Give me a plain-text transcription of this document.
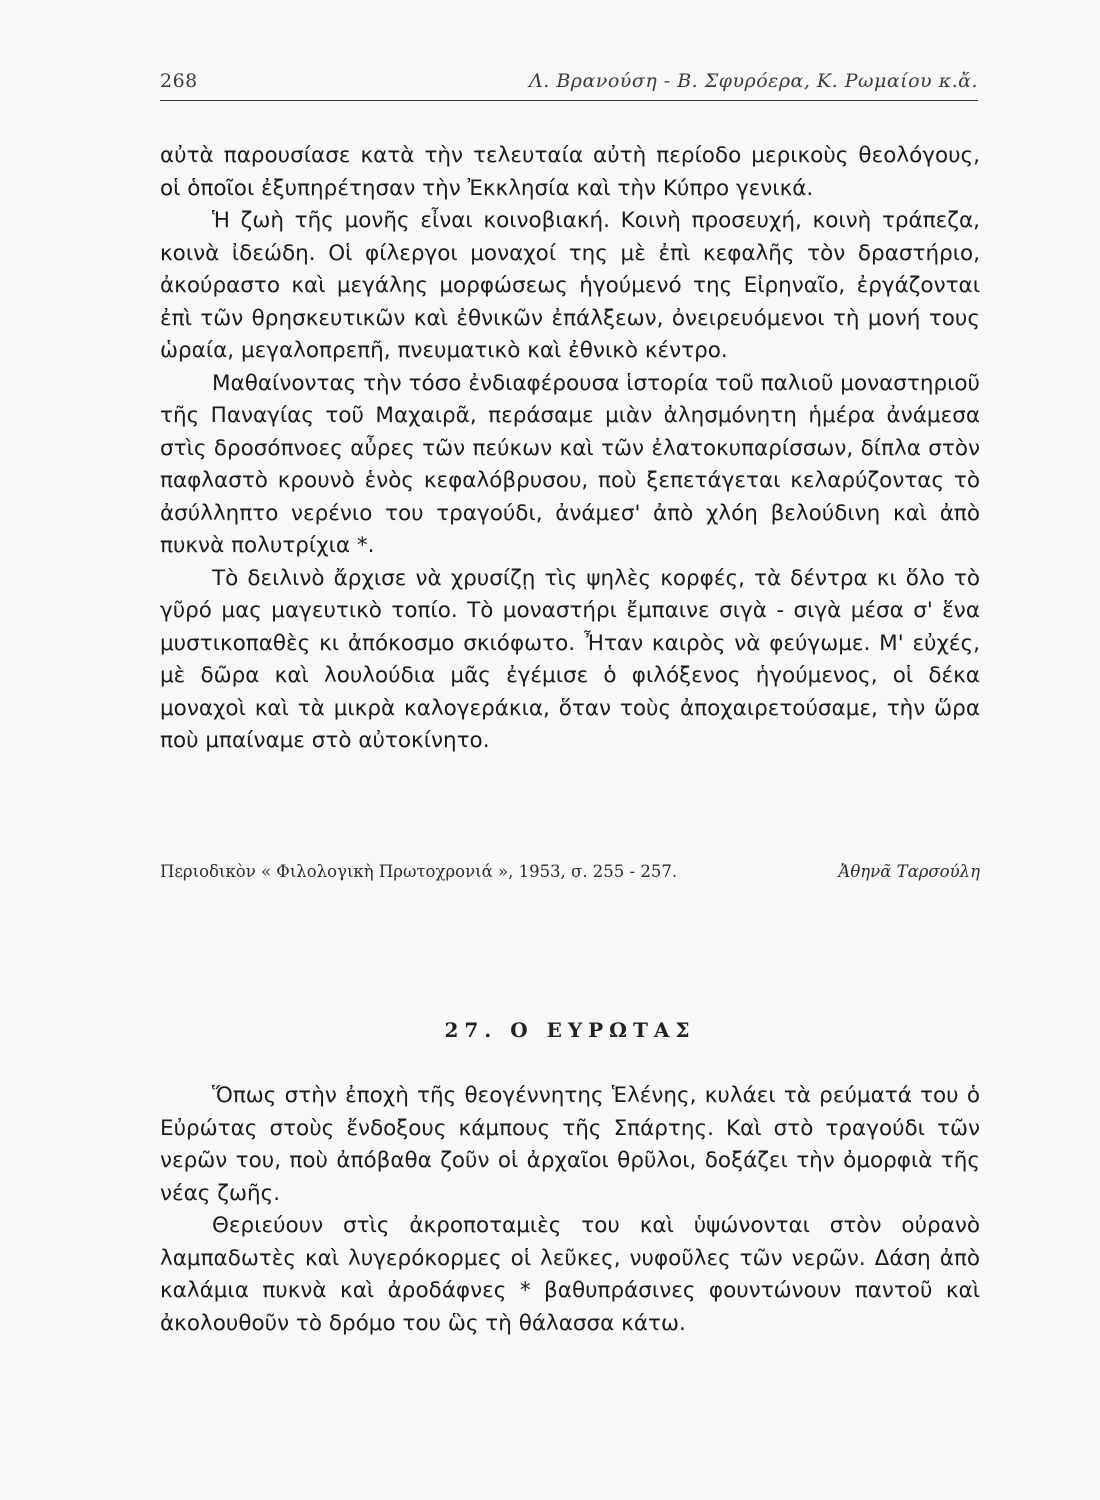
268	Λ. Βρανούση - Β. Σφυρόερα, Κ. Ρωμαίου κ.ἄ.

αὐτὰ παρουσίασε κατὰ τὴν τελευταία αὐτὴ περίοδο μερικοὺς θεολόγους, οἱ ὁποῖοι ἐξυπηρέτησαν τὴν Ἐκκλησία καὶ τὴν Κύπρο γενικά.

Ἡ ζωὴ τῆς μονῆς εἶναι κοινοβιακή. Κοινὴ προσευχή, κοινὴ τράπεζα, κοινὰ ἰδεώδη. Οἱ φίλεργοι μοναχοί της μὲ ἐπὶ κεφαλῆς τὸν δραστήριο, ἀκούραστο καὶ μεγάλης μορφώσεως ἡγούμενό της Εἰρηναῖο, ἐργάζονται ἐπὶ τῶν θρησκευτικῶν καὶ ἐθνικῶν ἐπάλξεων, ὀνειρευόμενοι τὴ μονή τους ὡραία, μεγαλοπρεπῆ, πνευματικὸ καὶ ἐθνικὸ κέντρο.

Μαθαίνοντας τὴν τόσο ἐνδιαφέρουσα ἱστορία τοῦ παλιοῦ μοναστηριοῦ τῆς Παναγίας τοῦ Μαχαιρᾶ, περάσαμε μιὰν ἀλησμόνητη ἡμέρα ἀνάμεσα στὶς δροσόπνοες αὖρες τῶν πεύκων καὶ τῶν ἐλατοκυπαρίσσων, δίπλα στὸν παφλαστὸ κρουνὸ ἑνὸς κεφαλόβρυσου, ποὺ ξεπετάγεται κελαρύζοντας τὸ ἀσύλληπτο νερένιο του τραγούδι, ἀνάμεσ' ἀπὸ χλόη βελούδινη καὶ ἀπὸ πυκνὰ πολυτρίχια *.

Τὸ δειλινὸ ἄρχισε νὰ χρυσίζῃ τὶς ψηλὲς κορφές, τὰ δέντρα κι ὅλο τὸ γῦρό μας μαγευτικὸ τοπίο. Τὸ μοναστήρι ἔμπαινε σιγὰ - σιγὰ μέσα σ' ἕνα μυστικοπαθὲς κι ἀπόκοσμο σκιόφωτο. Ἦταν καιρὸς νὰ φεύγωμε. Μ' εὐχές, μὲ δῶρα καὶ λουλούδια μᾶς ἐγέμισε ὁ φιλόξενος ἡγούμενος, οἱ δέκα μοναχοὶ καὶ τὰ μικρὰ καλογεράκια, ὅταν τοὺς ἀποχαιρετούσαμε, τὴν ὥρα ποὺ μπαίναμε στὸ αὐτοκίνητο.

Περιοδικὸν « Φιλολογικὴ Πρωτοχρονιά », 1953, σ. 255 - 257.	Ἀθηνᾶ Ταρσούλη
27. Ο ΕΥΡΩΤΑΣ

Ὅπως στὴν ἐποχὴ τῆς θεογέννητης Ἑλένης, κυλάει τὰ ρεύματά του ὁ Εὐρώτας στοὺς ἔνδοξους κάμπους τῆς Σπάρτης. Καὶ στὸ τραγούδι τῶν νερῶν του, ποὺ ἀπόβαθα ζοῦν οἱ ἀρχαῖοι θρῦλοι, δοξάζει τὴν ὀμορφιὰ τῆς νέας ζωῆς.

Θεριεύουν στὶς ἀκροποταμιὲς του καὶ ὑψώνονται στὸν οὐρανὸ λαμπαδωτὲς καὶ λυγερόκορμες οἱ λεῦκες, νυφοῦλες τῶν νερῶν. Δάση ἀπὸ καλάμια πυκνὰ καὶ ἀροδάφνες * βαθυπράσινες φουντώνουν παντοῦ καὶ ἀκολουθοῦν τὸ δρόμο του ὣς τὴ θάλασσα κάτω.
